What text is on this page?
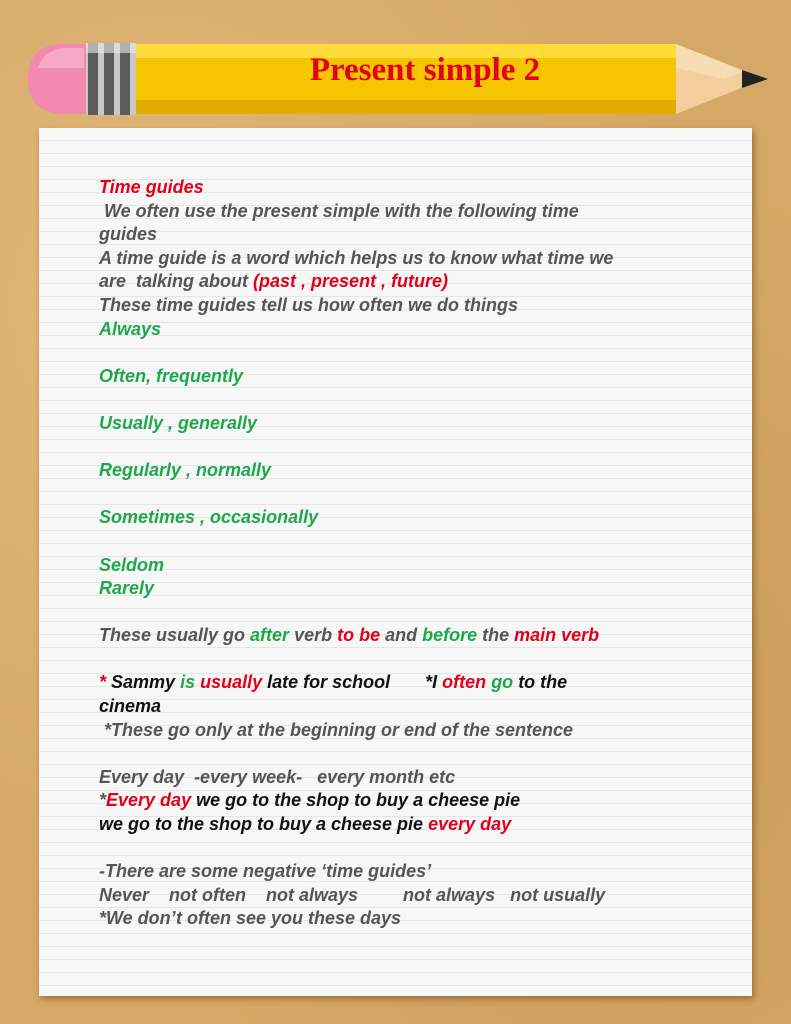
Present simple 2
Time guides
We often use the present simple with the following time
guides
A time guide is a word which helps us to know what time we
are  talking about (past , present , future)
These time guides tell us how often we do things
Always
Often, frequently
Usually , generally
Regularly , normally
Sometimes , occasionally
Seldom
Rarely
These usually go after verb to be and before the main verb
* Sammy is usually late for school       *I often go to the
cinema
*These go only at the beginning or end of the sentence
Every day  -every week-   every month etc
*Every day we go to the shop to buy a cheese pie
we go to the shop to buy a cheese pie every day
-There are some negative ‘time guides’
Never    not often    not always         not always   not usually
*We don’t often see you these days
